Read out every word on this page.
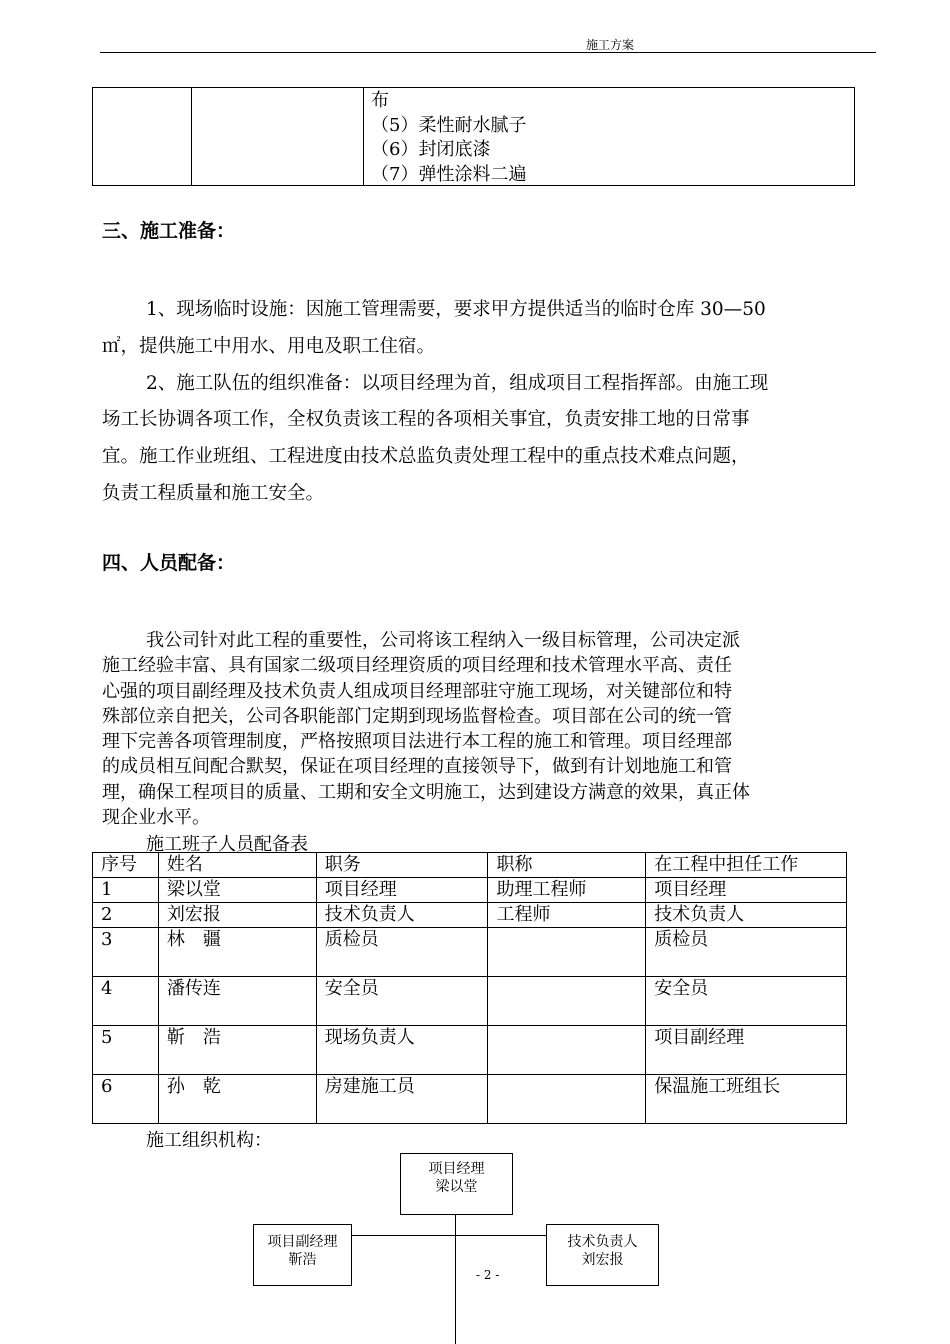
施工方案
布
（5）柔性耐水腻子
（6）封闭底漆
（7）弹性涂料二遍
三、施工准备：
1、现场临时设施：因施工管理需要，要求甲方提供适当的临时仓库 30—50
㎡，提供施工中用水、用电及职工住宿。
2、施工队伍的组织准备：以项目经理为首，组成项目工程指挥部。由施工现
场工长协调各项工作，全权负责该工程的各项相关事宜，负责安排工地的日常事
宜。施工作业班组、工程进度由技术总监负责处理工程中的重点技术难点问题，
负责工程质量和施工安全。
四、人员配备：
我公司针对此工程的重要性，公司将该工程纳入一级目标管理，公司决定派
施工经验丰富、具有国家二级项目经理资质的项目经理和技术管理水平高、责任
心强的项目副经理及技术负责人组成项目经理部驻守施工现场，对关键部位和特
殊部位亲自把关，公司各职能部门定期到现场监督检查。项目部在公司的统一管
理下完善各项管理制度，严格按照项目法进行本工程的施工和管理。项目经理部
的成员相互间配合默契，保证在项目经理的直接领导下，做到有计划地施工和管
理，确保工程项目的质量、工期和安全文明施工，达到建设方满意的效果，真正体
现企业水平。
施工班子人员配备表
序号	姓名	职务	职称	在工程中担任工作
1	梁以堂	项目经理	助理工程师	项目经理
2	刘宏报	技术负责人	工程师	技术负责人
3	林　疆	质检员		质检员
4	潘传连	安全员		安全员
5	靳　浩	现场负责人		项目副经理
6	孙　乾	房建施工员		保温施工班组长
施工组织机构：
项目经理
梁以堂
项目副经理
靳浩
技术负责人
刘宏报
- 2 -
